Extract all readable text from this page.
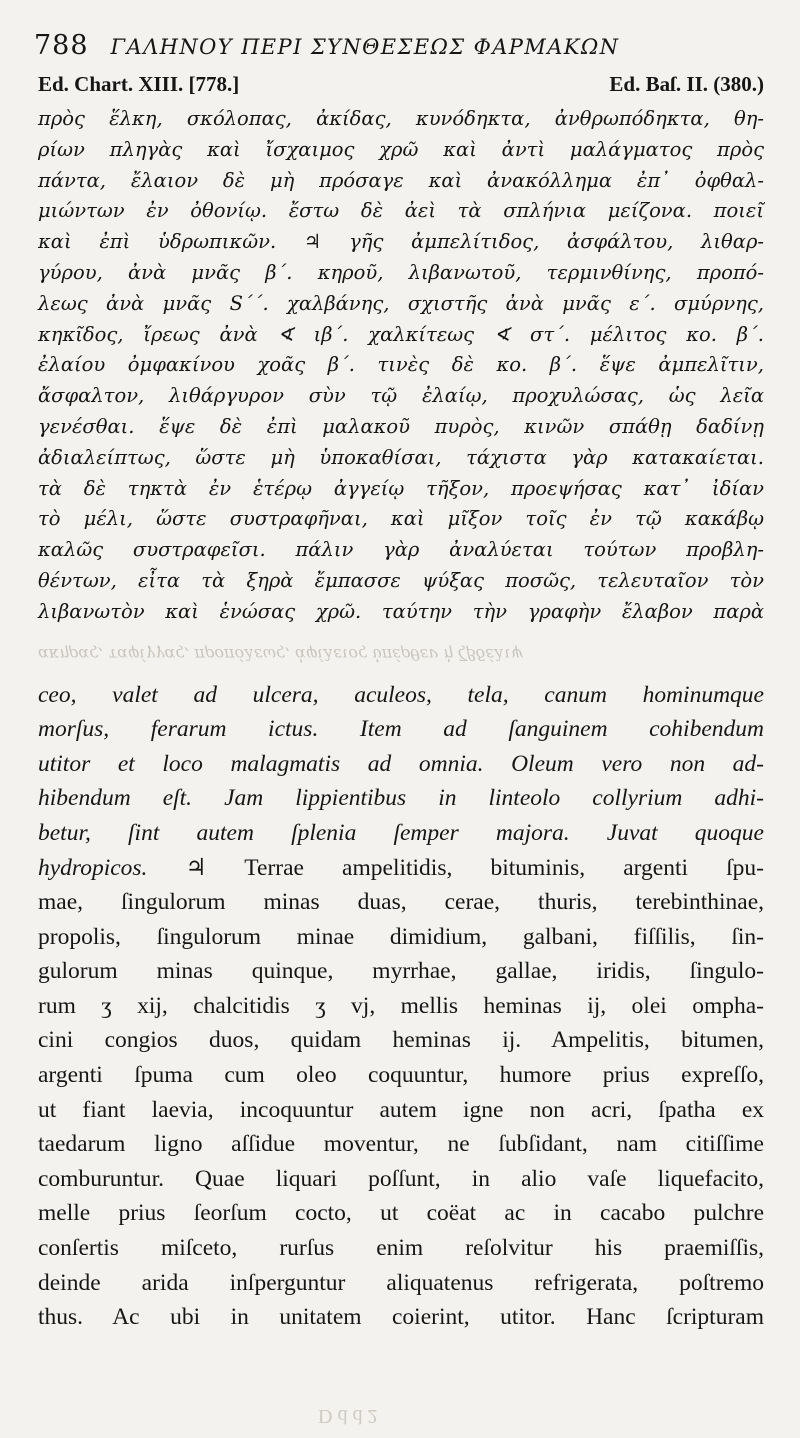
788 ΓΑΛΗΝΟΥ ΠΕΡΙ ΣΥΝΘΕΣΕΩΣ ΦΑΡΜΑΚΩΝ
Ed. Chart. XIII. [778.]	Ed. Baſ. II. (380.)
πρὸς ἕλκη, σκόλοπας, ἀκίδας, κυνόδηκτα, ἀνθρωπόδηκτα, θη-
ρίων πληγὰς καὶ ἴσχαιμος χρῶ καὶ ἀντὶ μαλάγματος πρὸς
πάντα, ἔλαιον δὲ μὴ πρόσαγε καὶ ἀνακόλλημα ἐπ᾽ ὀφθαλ-
μιώντων ἐν ὀθονίῳ. ἔστω δὲ ἀεὶ τὰ σπλήνια μείζονα. ποιεῖ
καὶ ἐπὶ ὑδρωπικῶν. ♃ γῆς ἀμπελίτιδος, ἀσφάλτου, λιθαρ-
γύρου, ἀνὰ μνᾶς β΄. κηροῦ, λιβανωτοῦ, τερμινθίνης, προπό-
λεως ἀνὰ μνᾶς S΄΄. χαλβάνης, σχιστῆς ἀνὰ μνᾶς ε΄. σμύρνης,
κηκῖδος, ἴρεως ἀνὰ ∢ ιβ΄. χαλκίτεως ∢ στ΄. μέλιτος κο. β΄.
ἐλαίου ὀμφακίνου χοᾶς β΄. τινὲς δὲ κο. β΄. ἕψε ἀμπελῖτιν,
ἄσφαλτον, λιθάργυρον σὺν τῷ ἐλαίῳ, προχυλώσας, ὡς λεῖα
γενέσθαι. ἕψε δὲ ἐπὶ μαλακοῦ πυρὸς, κινῶν σπάθῃ δαδίνῃ
ἀδιαλείπτως, ὥστε μὴ ὑποκαθίσαι, τάχιστα γὰρ κατακαίεται.
τὰ δὲ τηκτὰ ἐν ἑτέρῳ ἀγγείῳ τῆξον, προεψήσας κατ᾽ ἰδίαν
τὸ μέλι, ὥστε συστραφῆναι, καὶ μῖξον τοῖς ἐν τῷ κακάβῳ
καλῶς συστραφεῖσι. πάλιν γὰρ ἀναλύεται τούτων προβλη-
θέντων, εἶτα τὰ ξηρὰ ἔμπασσε ψύξας ποσῶς, τελευταῖον τὸν
λιβανωτὸν καὶ ἑνώσας χρῶ. ταύτην τὴν γραφὴν ἔλαβον παρὰ
ακηρας, ταφίγγας, προπόλεως, ἀφίλειος ὑπέρθεν ἡ ζβδέλιψ
ceo, valet ad ulcera, aculeos, tela, canum hominumque
morſus, ferarum ictus. Item ad ſanguinem cohibendum
utitor et loco malagmatis ad omnia. Oleum vero non ad-
hibendum eſt. Jam lippientibus in linteolo collyrium adhi-
betur, ſint autem ſplenia ſemper majora. Juvat quoque
hydropicos. ♃ Terrae ampelitidis, bituminis, argenti ſpu-
mae, ſingulorum minas duas, cerae, thuris, terebinthinae,
propolis, ſingulorum minae dimidium, galbani, fiſſilis, ſin-
gulorum minas quinque, myrrhae, gallae, iridis, ſingulo-
rum ʒ xij, chalcitidis ʒ vj, mellis heminas ij, olei ompha-
cini congios duos, quidam heminas ij. Ampelitis, bitumen,
argenti ſpuma cum oleo coquuntur, humore prius expreſſo,
ut fiant laevia, incoquuntur autem igne non acri, ſpatha ex
taedarum ligno aſſidue moventur, ne ſubſidant, nam citiſſime
comburuntur. Quae liquari poſſunt, in alio vaſe liquefacito,
melle prius ſeorſum cocto, ut coëat ac in cacabo pulchre
conſertis miſceto, rurſus enim reſolvitur his praemiſſis,
deinde arida inſperguntur aliquatenus refrigerata, poſtremo
thus. Ac ubi in unitatem coierint, utitor. Hanc ſcripturam
D d d 2
